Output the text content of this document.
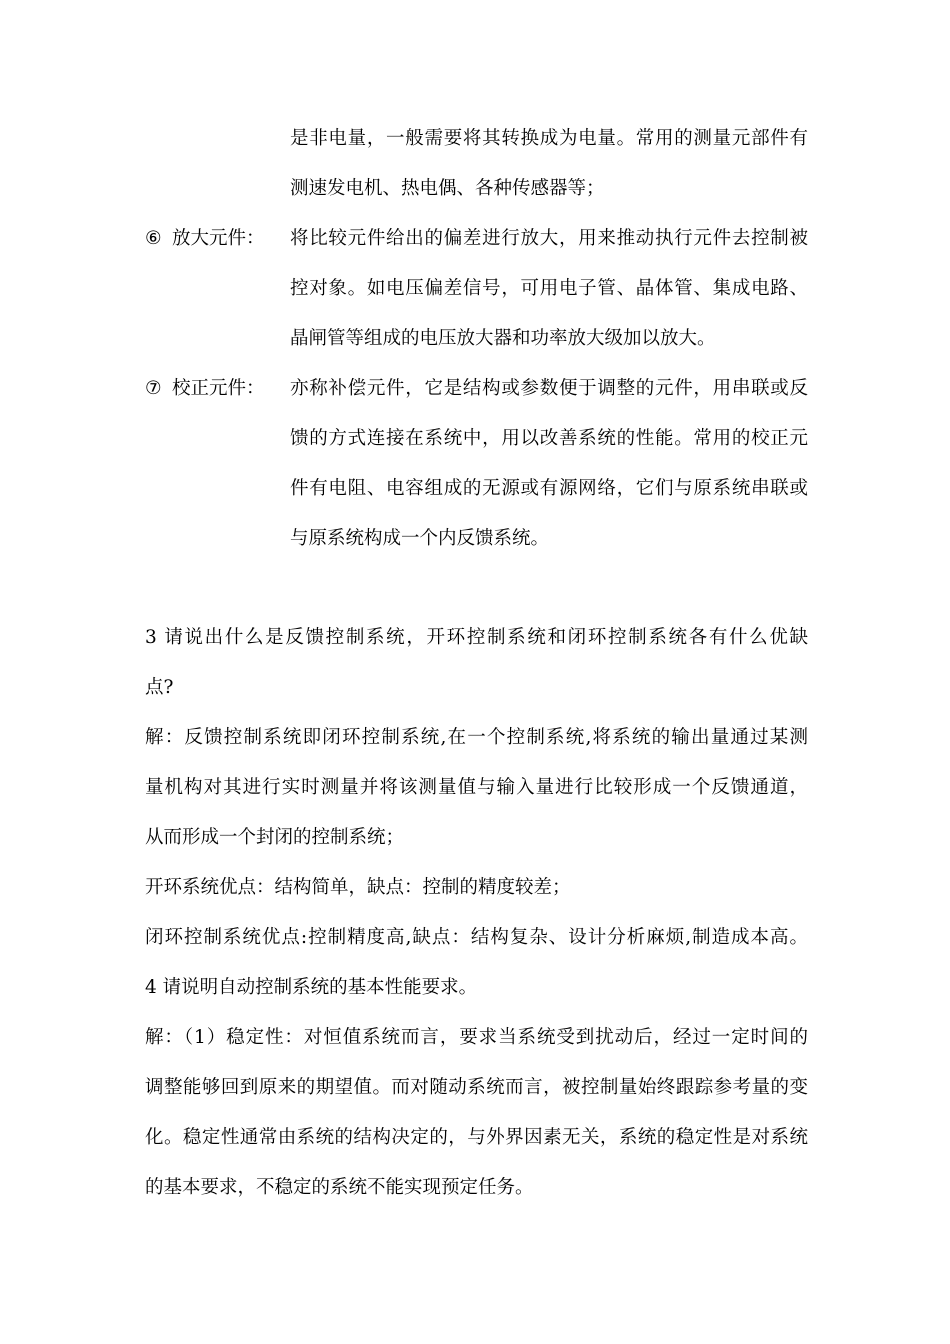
是非电量，一般需要将其转换成为电量。常用的测量元部件有
测速发电机、热电偶、各种传感器等；
⑥ 放大元件： 将比较元件给出的偏差进行放大，用来推动执行元件去控制被
控对象。如电压偏差信号，可用电子管、晶体管、集成电路、
晶闸管等组成的电压放大器和功率放大级加以放大。
⑦ 校正元件： 亦称补偿元件，它是结构或参数便于调整的元件，用串联或反
馈的方式连接在系统中，用以改善系统的性能。常用的校正元
件有电阻、电容组成的无源或有源网络，它们与原系统串联或
与原系统构成一个内反馈系统。
3 请说出什么是反馈控制系统，开环控制系统和闭环控制系统各有什么优缺
点?
解：反馈控制系统即闭环控制系统,在一个控制系统,将系统的输出量通过某测
量机构对其进行实时测量并将该测量值与输入量进行比较形成一个反馈通道，
从而形成一个封闭的控制系统；
开环系统优点：结构简单，缺点：控制的精度较差；
闭环控制系统优点:控制精度高,缺点：结构复杂、设计分析麻烦,制造成本高。
4 请说明自动控制系统的基本性能要求。
解：（1）稳定性：对恒值系统而言，要求当系统受到扰动后，经过一定时间的
调整能够回到原来的期望值。而对随动系统而言，被控制量始终跟踪参考量的变
化。稳定性通常由系统的结构决定的，与外界因素无关，系统的稳定性是对系统
的基本要求，不稳定的系统不能实现预定任务。
